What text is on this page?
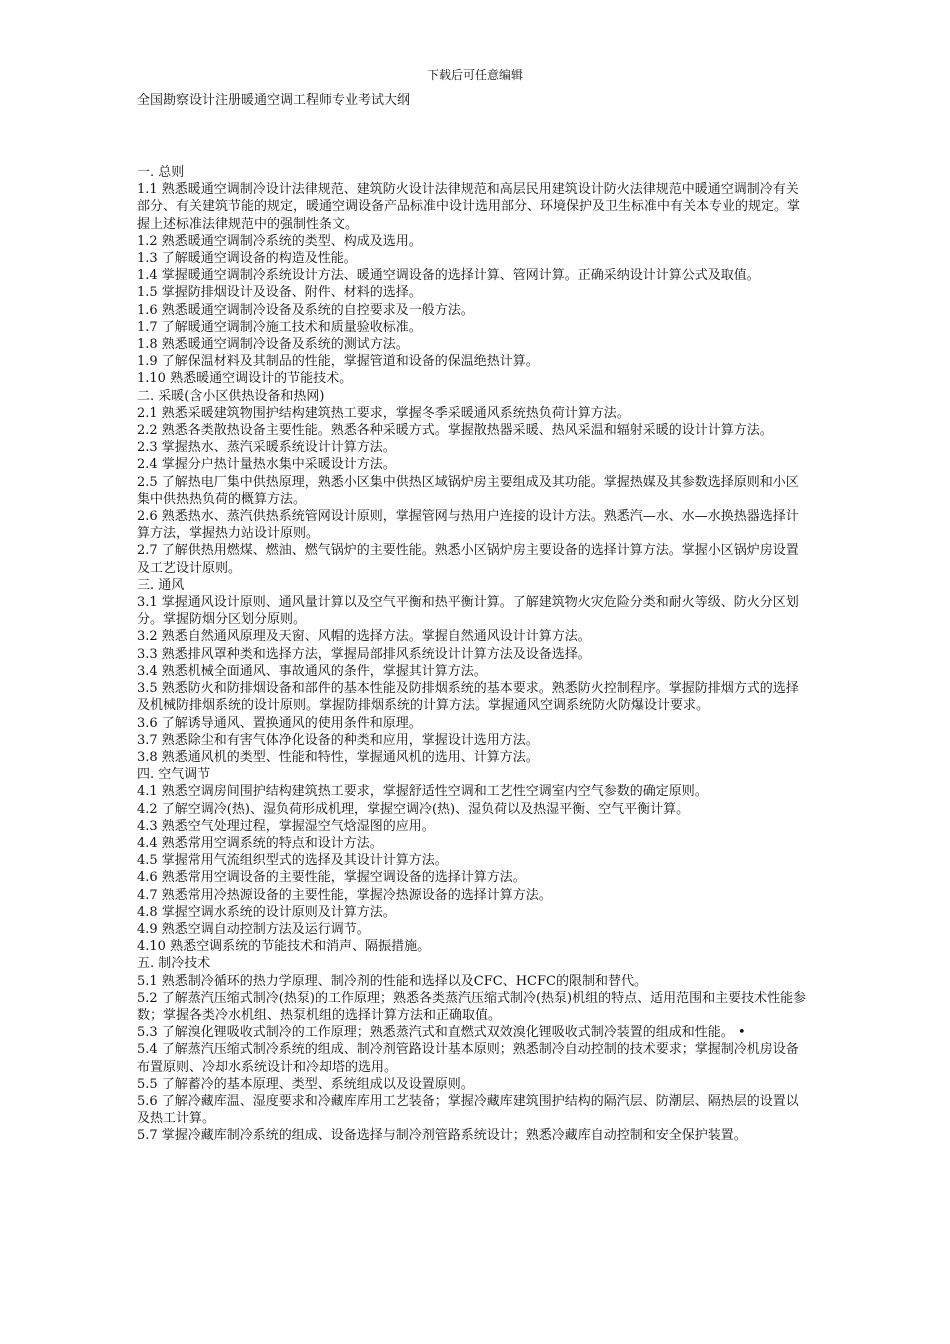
下载后可任意编辑
全国勘察设计注册暖通空调工程师专业考试大纲

一. 总则

1.1 熟悉暖通空调制冷设计法律规范、建筑防火设计法律规范和高层民用建筑设计防火法律规范中暖通空调制冷有关部分、有关建筑节能的规定，暖通空调设备产品标准中设计选用部分、环境保护及卫生标准中有关本专业的规定。掌握上述标准法律规范中的强制性条文。

1.2 熟悉暖通空调制冷系统的类型、构成及选用。

1.3 了解暖通空调设备的构造及性能。

1.4 掌握暖通空调制冷系统设计方法、暖通空调设备的选择计算、管网计算。正确采纳设计计算公式及取值。

1.5 掌握防排烟设计及设备、附件、材料的选择。

1.6 熟悉暖通空调制冷设备及系统的自控要求及一般方法。

1.7 了解暖通空调制冷施工技术和质量验收标准。

1.8 熟悉暖通空调制冷设备及系统的测试方法。

1.9 了解保温材料及其制品的性能，掌握管道和设备的保温绝热计算。

1.10 熟悉暖通空调设计的节能技术。

二. 采暖(含小区供热设备和热网)

2.1 熟悉采暖建筑物围护结构建筑热工要求，掌握冬季采暖通风系统热负荷计算方法。

2.2 熟悉各类散热设备主要性能。熟悉各种采暖方式。掌握散热器采暖、热风采温和辐射采暖的设计计算方法。

2.3 掌握热水、蒸汽采暖系统设计计算方法。

2.4 掌握分户热计量热水集中采暖设计方法。

2.5 了解热电厂集中供热原理，熟悉小区集中供热区域锅炉房主要组成及其功能。掌握热媒及其参数选择原则和小区集中供热热负荷的概算方法。

2.6 熟悉热水、蒸汽供热系统管网设计原则，掌握管网与热用户连接的设计方法。熟悉汽—水、水—水换热器选择计算方法，掌握热力站设计原则。

2.7 了解供热用燃煤、燃油、燃气锅炉的主要性能。熟悉小区锅炉房主要设备的选择计算方法。掌握小区锅炉房设置及工艺设计原则。

三. 通风

3.1 掌握通风设计原则、通风量计算以及空气平衡和热平衡计算。了解建筑物火灾危险分类和耐火等级、防火分区划分。掌握防烟分区划分原则。

3.2 熟悉自然通风原理及天窗、风帽的选择方法。掌握自然通风设计计算方法。

3.3 熟悉排风罩种类和选择方法，掌握局部排风系统设计计算方法及设备选择。

3.4 熟悉机械全面通风、事故通风的条件，掌握其计算方法。

3.5 熟悉防火和防排烟设备和部件的基本性能及防排烟系统的基本要求。熟悉防火控制程序。掌握防排烟方式的选择及机械防排烟系统的设计原则。掌握防排烟系统的计算方法。掌握通风空调系统防火防爆设计要求。

3.6 了解诱导通风、置换通风的使用条件和原理。

3.7 熟悉除尘和有害气体净化设备的种类和应用，掌握设计选用方法。

3.8 熟悉通风机的类型、性能和特性，掌握通风机的选用、计算方法。

四. 空气调节

4.1 熟悉空调房间围护结构建筑热工要求，掌握舒适性空调和工艺性空调室内空气参数的确定原则。

4.2 了解空调冷(热)、湿负荷形成机理，掌握空调冷(热)、湿负荷以及热湿平衡、空气平衡计算。

4.3 熟悉空气处理过程，掌握湿空气焓湿图的应用。

4.4 熟悉常用空调系统的特点和设计方法。

4.5 掌握常用气流组织型式的选择及其设计计算方法。

4.6 熟悉常用空调设备的主要性能，掌握空调设备的选择计算方法。

4.7 熟悉常用冷热源设备的主要性能，掌握冷热源设备的选择计算方法。

4.8 掌握空调水系统的设计原则及计算方法。

4.9 熟悉空调自动控制方法及运行调节。

4.10 熟悉空调系统的节能技术和消声、隔振措施。

五. 制冷技术

5.1 熟悉制冷循环的热力学原理、制冷剂的性能和选择以及CFC、HCFC的限制和替代。

5.2 了解蒸汽压缩式制冷(热泵)的工作原理；熟悉各类蒸汽压缩式制冷(热泵)机组的特点、适用范围和主要技术性能参数；掌握各类冷水机组、热泵机组的选择计算方法和正确取值。

5.3 了解溴化锂吸收式制冷的工作原理；熟悉蒸汽式和直燃式双效溴化锂吸收式制冷装置的组成和性能。 •

5.4 了解蒸汽压缩式制冷系统的组成、制冷剂管路设计基本原则；熟悉制冷自动控制的技术要求；掌握制冷机房设备布置原则、冷却水系统设计和冷却塔的选用。

5.5 了解蓄冷的基本原理、类型、系统组成以及设置原则。

5.6 了解冷藏库温、湿度要求和冷藏库库用工艺装备；掌握冷藏库建筑围护结构的隔汽层、防潮层、隔热层的设置以及热工计算。

5.7 掌握冷藏库制冷系统的组成、设备选择与制冷剂管路系统设计；熟悉冷藏库自动控制和安全保护装置。
